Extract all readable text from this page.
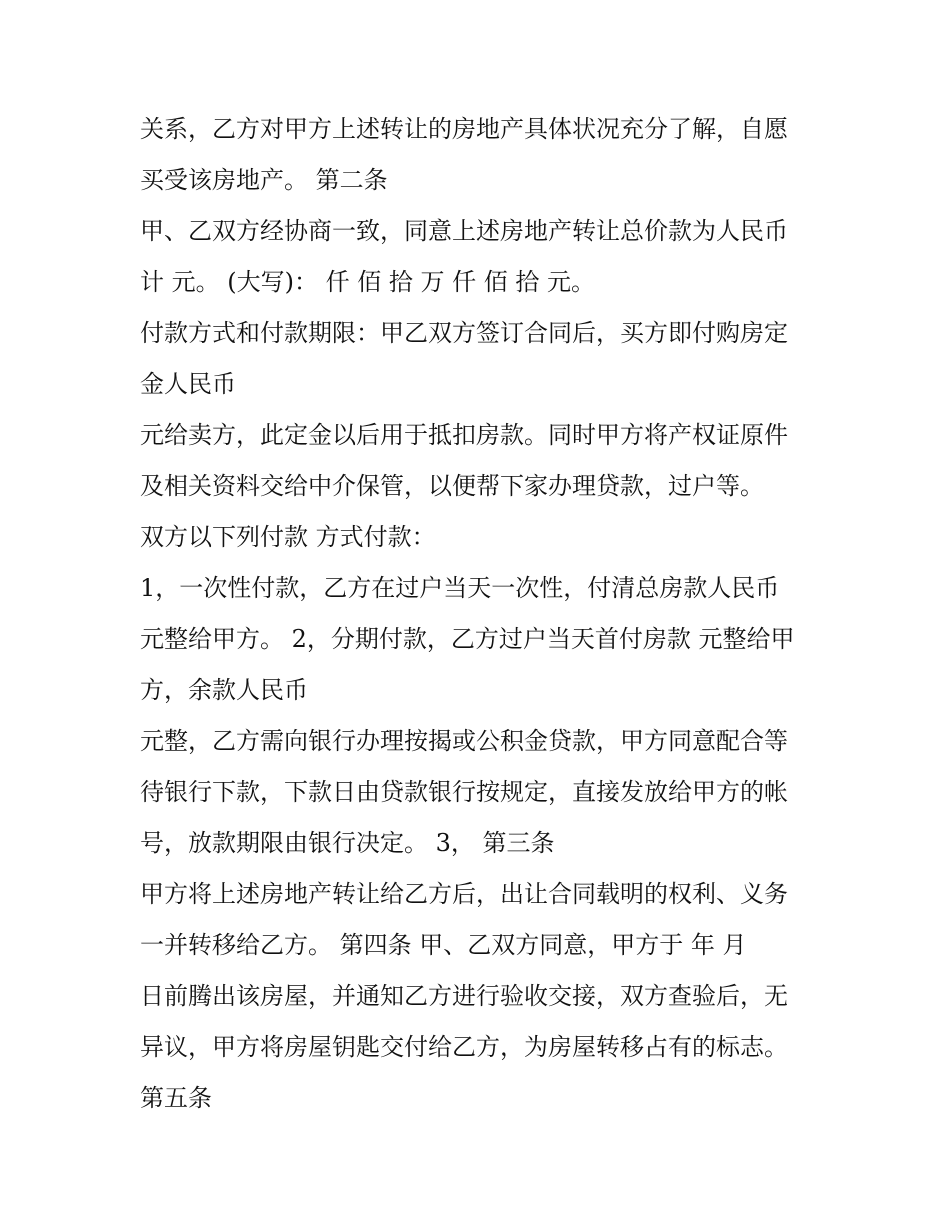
关系，乙方对甲方上述转让的房地产具体状况充分了解，自愿
买受该房地产。 第二条
甲、乙双方经协商一致，同意上述房地产转让总价款为人民币
计 元。 (大写)： 仟 佰 拾 万 仟 佰 拾 元。
付款方式和付款期限：甲乙双方签订合同后，买方即付购房定
金人民币
元给卖方，此定金以后用于抵扣房款。同时甲方将产权证原件
及相关资料交给中介保管，以便帮下家办理贷款，过户等。
双方以下列付款 方式付款：
1，一次性付款，乙方在过户当天一次性，付清总房款人民币
元整给甲方。 2，分期付款，乙方过户当天首付房款 元整给甲
方，余款人民币
元整，乙方需向银行办理按揭或公积金贷款，甲方同意配合等
待银行下款，下款日由贷款银行按规定，直接发放给甲方的帐
号，放款期限由银行决定。 3， 第三条
甲方将上述房地产转让给乙方后，出让合同载明的权利、义务
一并转移给乙方。 第四条 甲、乙双方同意，甲方于 年 月
日前腾出该房屋，并通知乙方进行验收交接，双方查验后，无
异议，甲方将房屋钥匙交付给乙方，为房屋转移占有的标志。
第五条
